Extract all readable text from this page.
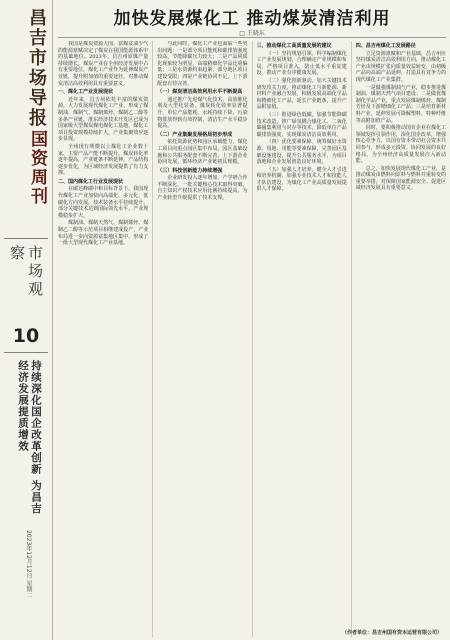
昌吉市场导报
国资周刊
市场观察
10
持续深化国企改革创新 为昌吉经济发展提质增效
2023年12月12日 星期二
加快发展煤化工 推动煤炭清洁利用
□ 王晓东

我国是煤炭资源大国，富煤贫油少气的能源禀赋决定了煤炭在我国能源体系中的基础地位。2023年，昌吉州原煤产量持续增长，煤炭产业在全州经济发展中占有重要地位，煤化工产业作为延伸煤炭产业链、提升附加值的重要途径，对推动煤炭清洁高效利用具有重要意义。

一、煤化工产业发展现状

近年来，昌吉州依托丰富的煤炭资源，大力发展现代煤化工产业，形成了煤制油、煤制气、煤制烯烃、煤制乙二醇等多条产业链。准东经济技术开发区已成为国家级大型煤炭煤电煤化工基地，煤化工项目投资规模持续扩大，产业集聚效应逐步显现。

全州现有规模以上煤化工企业数十家，主要产品产能不断提升，煤炭转化率逐年提高，产业链条不断延伸，产品结构逐步优化，为区域经济发展提供了有力支撑。

二、国内煤化工行业发展现状

在碳达峰碳中和目标背景下，我国现代煤化工产业加快向高端化、多元化、低碳化方向发展，技术装备水平持续提升，部分关键技术达到国际领先水平，产业规模稳步扩大。

煤制油、煤制天然气、煤制烯烃、煤制乙二醇等示范项目相继建成投产，产业布局进一步向资源富集地区集中，形成了一批大型现代煤化工产业基地。

与此同时，煤化工产业也面临一些突出问题：一是部分项目能耗和碳排放强度较高，节能降碳压力较大；二是产品同质化现象较为明显，高端精细化学品比重偏低；三是水资源约束趋紧，部分地区项目建设受限；四是产业链协同不足，上下游配套有待完善。

（一）煤炭清洁高效利用水平不断提高

通过推广先进煤气化技术、高效催化剂及大型化装备，煤炭转化效率显著提升，单位产品能耗、水耗持续下降，污染物排放得到有效控制，清洁生产水平稳步提高。

（二）产业集聚发展格局初步形成

依托资源优势和园区承载能力，煤化工项目向重点园区集中布局，园区基础设施和公共服务配套不断完善，上下游企业协同发展，循环经济产业链初具规模。

（三）科技创新能力持续增强

企业研发投入逐年增加，产学研合作不断深化，一批关键核心技术取得突破，自主知识产权技术应用比例持续提高，为产业转型升级提供了技术支撑。

三、推动煤化工高质量发展的建议

（一）坚持规划引领。科学编制煤化工产业发展规划，合理确定产业规模和布局，严格项目准入，防止低水平重复建设，推动产业有序健康发展。

（二）强化创新驱动。加大关键技术研发攻关力度，推动煤化工与新能源、新材料产业融合发展，积极发展高端化学品和精细化工产品，延长产业链条，提升产品附加值。

（三）推进绿色低碳。加强节能降碳技术改造，推广绿氢耦合煤化工、二氧化碳捕集利用与封存等技术，降低单位产品碳排放强度，实现煤炭清洁高效利用。

（四）优化要素保障。统筹做好水资源、用地、用能等要素保障，完善园区基础设施建设，提升公共服务水平，为项目落地和企业发展创造良好环境。

（五）加强人才培养。健全人才引进和培养机制，加强专业技术人才和技能人才队伍建设，为煤化工产业高质量发展提供人才保障。

四、昌吉州煤化工发展路径

立足资源禀赋和产业基础，昌吉州应坚持煤炭清洁高效利用方向，推动煤化工产业由规模扩张向质量效益转变，由初级产品向高端产品延伸，打造具有竞争力的现代煤化工产业集群。

一是做强煤制油气产业，稳步推进煤制油、煤制天然气项目建设；二是做优煤制化学品产业，重点发展煤制烯烃、煤制芳烃及下游精细化工产品；三是培育新材料产业，延伸发展可降解塑料、特种纤维等高附加值产品。

同时，要积极推动国有企业在煤化工领域发挥引领作用，深化国企改革，增强核心竞争力，以国有资本带动社会资本共同参与，形成多元投资、协同发展的良好格局，为全州经济高质量发展注入新动能。

总之，加快发展现代煤化工产业，是推动煤炭由燃料向原料与燃料并重转变的重要举措，对保障国家能源安全、促进区域经济发展具有重要意义。

（作者单位：昌吉州国有资本运营有限公司）
